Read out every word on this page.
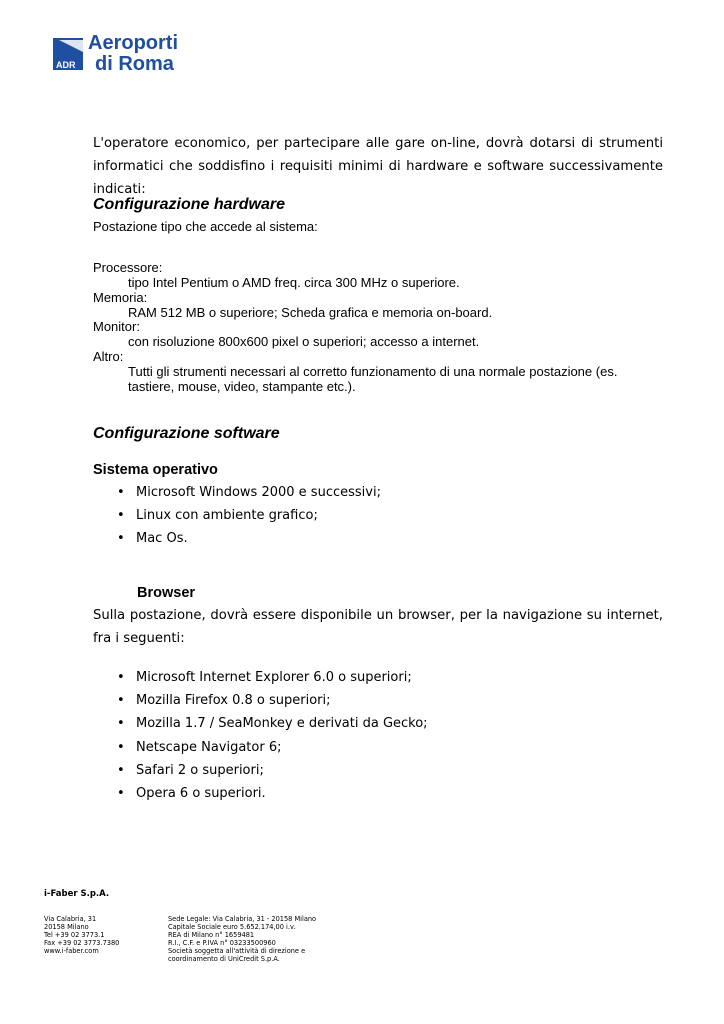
ADR
Aeroporti
di Roma
L'operatore economico, per partecipare alle gare on-line, dovrà dotarsi di strumenti informatici che soddisfino i requisiti minimi di hardware e software successivamente indicati:
Configurazione hardware
Postazione tipo che accede al sistema:
Processore:
tipo Intel Pentium o AMD freq. circa 300 MHz o superiore.
Memoria:
RAM 512 MB o superiore; Scheda grafica e memoria on-board.
Monitor:
con risoluzione 800x600 pixel o superiori; accesso a internet.
Altro:
Tutti gli strumenti necessari al corretto funzionamento di una normale postazione (es. tastiere, mouse, video, stampante etc.).
Configurazione software
Sistema operativo
• Microsoft Windows 2000 e successivi;
• Linux con ambiente grafico;
• Mac Os.
Browser
Sulla postazione, dovrà essere disponibile un browser, per la navigazione su internet, fra i seguenti:
• Microsoft Internet Explorer 6.0 o superiori;
• Mozilla Firefox 0.8 o superiori;
• Mozilla 1.7 / SeaMonkey e derivati da Gecko;
• Netscape Navigator 6;
• Safari 2 o superiori;
• Opera 6 o superiori.
i-Faber S.p.A.
Via Calabria, 31
20158 Milano
Tel +39 02 3773.1
Fax +39 02 3773.7380
www.i-faber.com
Sede Legale: Via Calabria, 31 - 20158 Milano
Capitale Sociale euro 5.652.174,00 i.v.
REA di Milano n° 1659481
R.I., C.F. e P.IVA n° 03233500960
Società soggetta all'attività di direzione e
coordinamento di UniCredit S.p.A.
